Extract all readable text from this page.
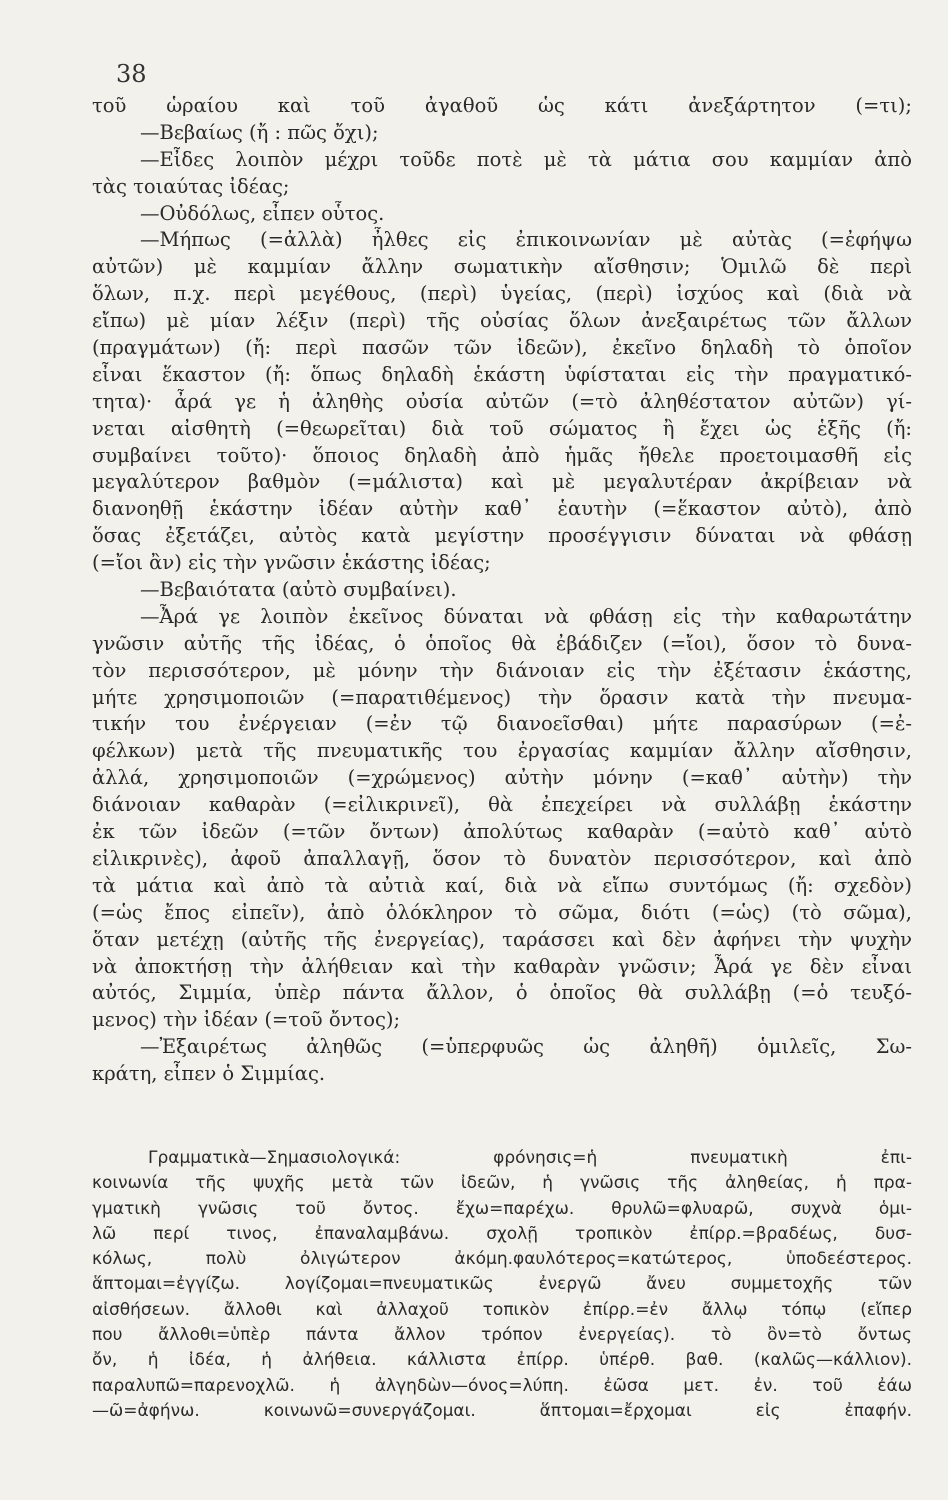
38
τοῦ ὡραίου καὶ τοῦ ἀγαθοῦ ὡς κάτι ἀνεξάρτητον (=τι);
—Βεβαίως (ἤ : πῶς ὄχι);
—Εἶδες λοιπὸν μέχρι τοῦδε ποτὲ μὲ τὰ μάτια σου καμμίαν ἀπὸ
τὰς τοιαύτας ἰδέας;
—Οὐδόλως, εἶπεν οὗτος.
—Μήπως (=ἀλλὰ) ἦλθες εἰς ἐπικοινωνίαν μὲ αὐτὰς (=ἐφήψω
αὐτῶν) μὲ καμμίαν ἄλλην σωματικὴν αἴσθησιν; Ὁμιλῶ δὲ περὶ
ὅλων, π.χ. περὶ μεγέθους, (περὶ) ὑγείας, (περὶ) ἰσχύος καὶ (διὰ νὰ
εἴπω) μὲ μίαν λέξιν (περὶ) τῆς οὐσίας ὅλων ἀνεξαιρέτως τῶν ἄλλων
(πραγμάτων) (ἤ: περὶ πασῶν τῶν ἰδεῶν), ἐκεῖνο δηλαδὴ τὸ ὁποῖον
εἶναι ἕκαστον (ἤ: ὅπως δηλαδὴ ἑκάστη ὑφίσταται εἰς τὴν πραγματικό-
τητα)· ἆρά γε ἡ ἀληθὴς οὐσία αὐτῶν (=τὸ ἀληθέστατον αὐτῶν) γί-
νεται αἰσθητὴ (=θεωρεῖται) διὰ τοῦ σώματος ἢ ἔχει ὡς ἑξῆς (ἤ:
συμβαίνει τοῦτο)· ὅποιος δηλαδὴ ἀπὸ ἡμᾶς ἤθελε προετοιμασθῆ εἰς
μεγαλύτερον βαθμὸν (=μάλιστα) καὶ μὲ μεγαλυτέραν ἀκρίβειαν νὰ
διανοηθῇ ἑκάστην ἰδέαν αὐτὴν καθ᾽ ἑαυτὴν (=ἕκαστον αὐτὸ), ἀπὸ
ὅσας ἐξετάζει, αὐτὸς κατὰ μεγίστην προσέγγισιν δύναται νὰ φθάσῃ
(=ἴοι ἂν) εἰς τὴν γνῶσιν ἑκάστης ἰδέας;
—Βεβαιότατα (αὐτὸ συμβαίνει).
—Ἆρά γε λοιπὸν ἐκεῖνος δύναται νὰ φθάσῃ εἰς τὴν καθαρωτάτην
γνῶσιν αὐτῆς τῆς ἰδέας, ὁ ὁποῖος θὰ ἐβάδιζεν (=ἴοι), ὅσον τὸ δυνα-
τὸν περισσότερον, μὲ μόνην τὴν διάνοιαν εἰς τὴν ἐξέτασιν ἑκάστης,
μήτε χρησιμοποιῶν (=παρατιθέμενος) τὴν ὅρασιν κατὰ τὴν πνευμα-
τικήν του ἐνέργειαν (=ἐν τῷ διανοεῖσθαι) μήτε παρασύρων (=ἐ-
φέλκων) μετὰ τῆς πνευματικῆς του ἐργασίας καμμίαν ἄλλην αἴσθησιν,
ἀλλά, χρησιμοποιῶν (=χρώμενος) αὐτὴν μόνην (=καθ᾽ αὑτὴν) τὴν
διάνοιαν καθαρὰν (=εἰλικρινεῖ), θὰ ἐπεχείρει νὰ συλλάβῃ ἑκάστην
ἐκ τῶν ἰδεῶν (=τῶν ὄντων) ἀπολύτως καθαρὰν (=αὐτὸ καθ᾽ αὑτὸ
εἰλικρινὲς), ἀφοῦ ἀπαλλαγῇ, ὅσον τὸ δυνατὸν περισσότερον, καὶ ἀπὸ
τὰ μάτια καὶ ἀπὸ τὰ αὐτιὰ καί, διὰ νὰ εἴπω συντόμως (ἤ: σχεδὸν)
(=ὡς ἔπος εἰπεῖν), ἀπὸ ὁλόκληρον τὸ σῶμα, διότι (=ὡς) (τὸ σῶμα),
ὅταν μετέχῃ (αὐτῆς τῆς ἐνεργείας), ταράσσει καὶ δὲν ἀφήνει τὴν ψυχὴν
νὰ ἀποκτήσῃ τὴν ἀλήθειαν καὶ τὴν καθαρὰν γνῶσιν; Ἆρά γε δὲν εἶναι
αὐτός, Σιμμία, ὑπὲρ πάντα ἄλλον, ὁ ὁποῖος θὰ συλλάβῃ (=ὁ τευξό-
μενος) τὴν ἰδέαν (=τοῦ ὄντος);
—Ἐξαιρέτως ἀληθῶς (=ὑπερφυῶς ὡς ἀληθῆ) ὁμιλεῖς, Σω-
κράτη, εἶπεν ὁ Σιμμίας.
Γραμματικὰ—Σημασιολογικά: φρόνησις=ἡ πνευματικὴ ἐπι-
κοινωνία τῆς ψυχῆς μετὰ τῶν ἰδεῶν, ἡ γνῶσις τῆς ἀληθείας, ἡ πρα-
γματικὴ γνῶσις τοῦ ὄντος. ἔχω=παρέχω. θρυλῶ=φλυαρῶ, συχνὰ ὁμι-
λῶ περί τινος, ἐπαναλαμβάνω. σχολῇ τροπικὸν ἐπίρρ.=βραδέως, δυσ-
κόλως, πολὺ ὀλιγώτερον ἀκόμη.φαυλότερος=κατώτερος, ὑποδεέστερος.
ἅπτομαι=ἐγγίζω. λογίζομαι=πνευματικῶς ἐνεργῶ ἄνευ συμμετοχῆς τῶν
αἰσθήσεων. ἄλλοθι καὶ ἀλλαχοῦ τοπικὸν ἐπίρρ.=ἐν ἄλλῳ τόπῳ (εἴπερ
που ἄλλοθι=ὑπὲρ πάντα ἄλλον τρόπον ἐνεργείας). τὸ ὂν=τὸ ὄντως
ὄν, ἡ ἰδέα, ἡ ἀλήθεια. κάλλιστα ἐπίρρ. ὑπέρθ. βαθ. (καλῶς—κάλλιον).
παραλυπῶ=παρενοχλῶ. ἡ ἀλγηδὼν—όνος=λύπη. ἐῶσα μετ. ἐν. τοῦ ἐάω
—ῶ=ἀφήνω. κοινωνῶ=συνεργάζομαι. ἅπτομαι=ἔρχομαι εἰς ἐπαφήν.
